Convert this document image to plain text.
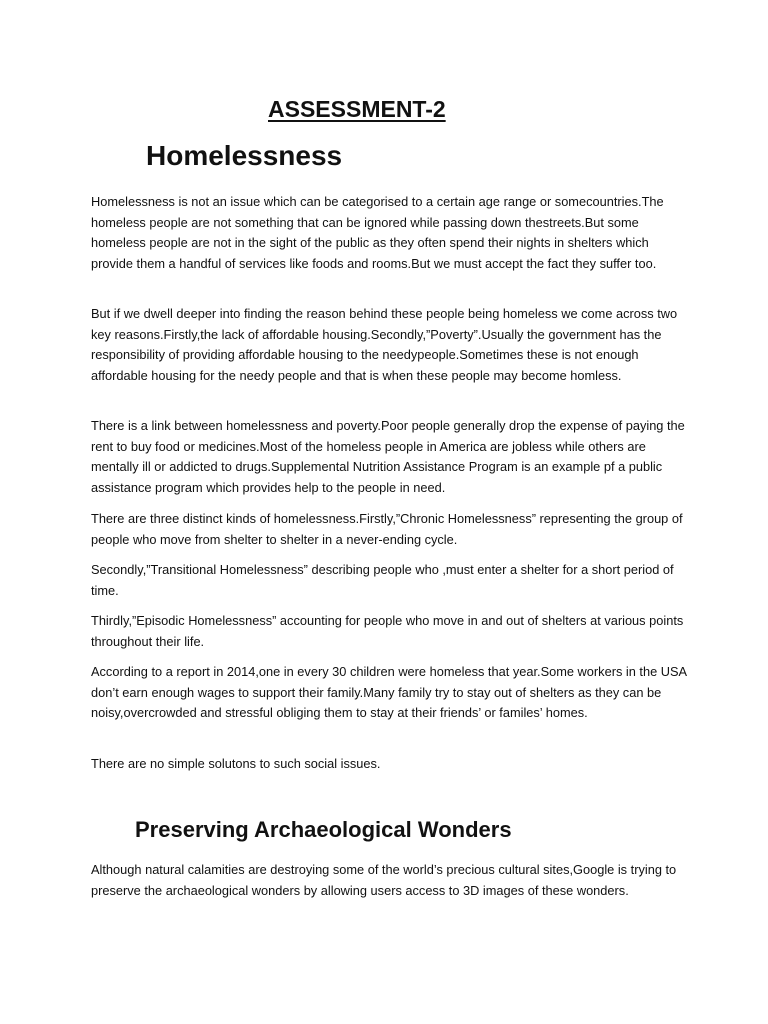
ASSESSMENT-2
Homelessness

Homelessness is not an issue which can be categorised to a certain age range or somecountries.The homeless people are not something that can be ignored while passing down thestreets.But some homeless people are not in the sight of the public as they often spend their nights in shelters which provide them a handful of services like foods and rooms.But we must accept the fact they suffer too.

But if we dwell deeper into finding the reason behind these people being homeless we come across two key reasons.Firstly,the lack of affordable housing.Secondly,”Poverty”.Usually the government has the responsibility of providing affordable housing to the needypeople.Sometimes these is not enough affordable housing for the needy people and that is when these people may become homless.

There is a link between homelessness and poverty.Poor people generally drop the expense of paying the rent to buy food or medicines.Most of the homeless people in America are jobless while others are mentally ill or addicted to drugs.Supplemental Nutrition Assistance Program is an example pf a public assistance program which provides help to the people in need.

There are three distinct kinds of homelessness.Firstly,”Chronic Homelessness” representing the group of people who move from shelter to shelter in a never-ending cycle.

Secondly,”Transitional Homelessness” describing people who ,must enter a shelter for a short period of time.

Thirdly,”Episodic Homelessness” accounting for people who move in and out of shelters at various points throughout their life.

According to a report in 2014,one in every 30 children were homeless that year.Some workers in the USA don’t earn enough wages to support their family.Many family try to stay out of shelters as they can be noisy,overcrowded and stressful obliging them to stay at their friends’ or familes’ homes.

There are no simple solutons to such social issues.

Preserving Archaeological Wonders

Although natural calamities are destroying some of the world’s precious cultural sites,Google is trying to preserve the archaeological wonders by allowing users access to 3D images of these wonders.
